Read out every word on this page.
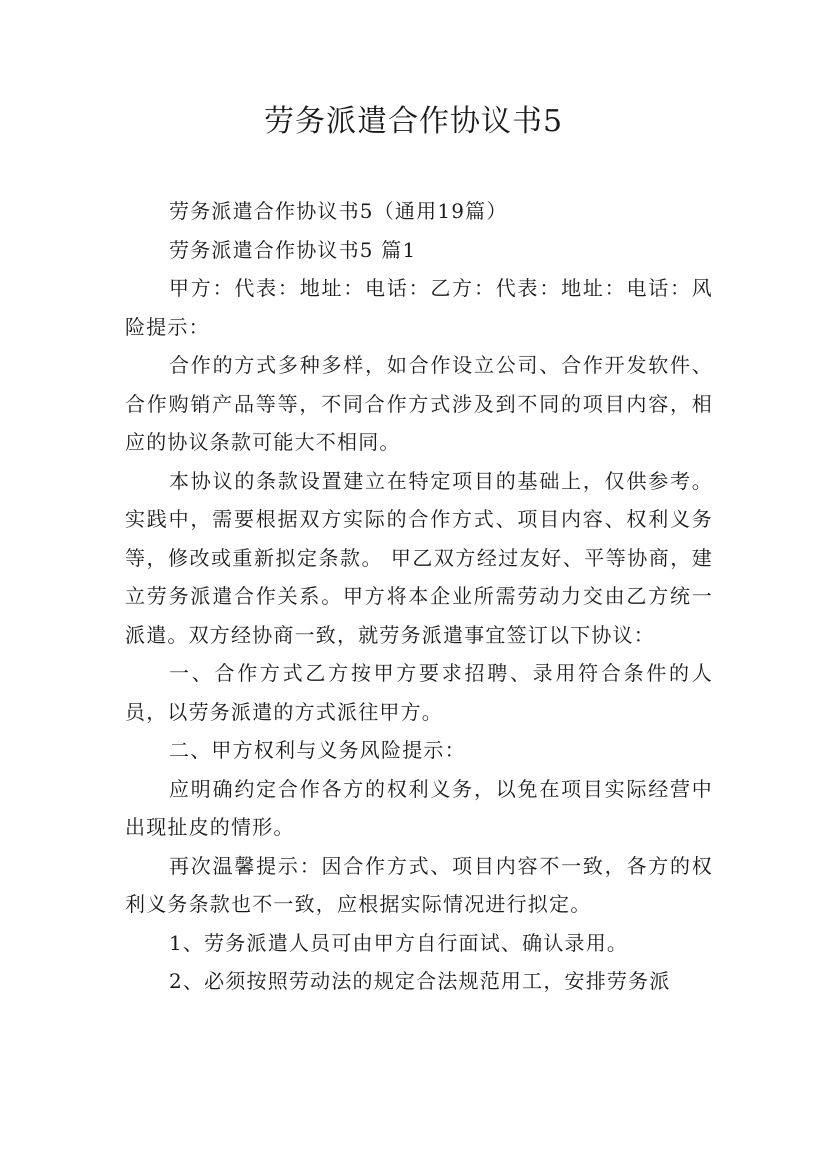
劳务派遣合作协议书5

劳务派遣合作协议书5（通用19篇）

劳务派遣合作协议书5 篇1

甲方：代表：地址：电话：乙方：代表：地址：电话：风险提示：

合作的方式多种多样，如合作设立公司、合作开发软件、合作购销产品等等，不同合作方式涉及到不同的项目内容，相应的协议条款可能大不相同。

本协议的条款设置建立在特定项目的基础上，仅供参考。实践中，需要根据双方实际的合作方式、项目内容、权利义务等，修改或重新拟定条款。 甲乙双方经过友好、平等协商，建立劳务派遣合作关系。甲方将本企业所需劳动力交由乙方统一派遣。双方经协商一致，就劳务派遣事宜签订以下协议：

一、合作方式乙方按甲方要求招聘、录用符合条件的人员，以劳务派遣的方式派往甲方。

二、甲方权利与义务风险提示：

应明确约定合作各方的权利义务，以免在项目实际经营中出现扯皮的情形。

再次温馨提示：因合作方式、项目内容不一致，各方的权利义务条款也不一致，应根据实际情况进行拟定。

1、劳务派遣人员可由甲方自行面试、确认录用。

2、必须按照劳动法的规定合法规范用工，安排劳务派
